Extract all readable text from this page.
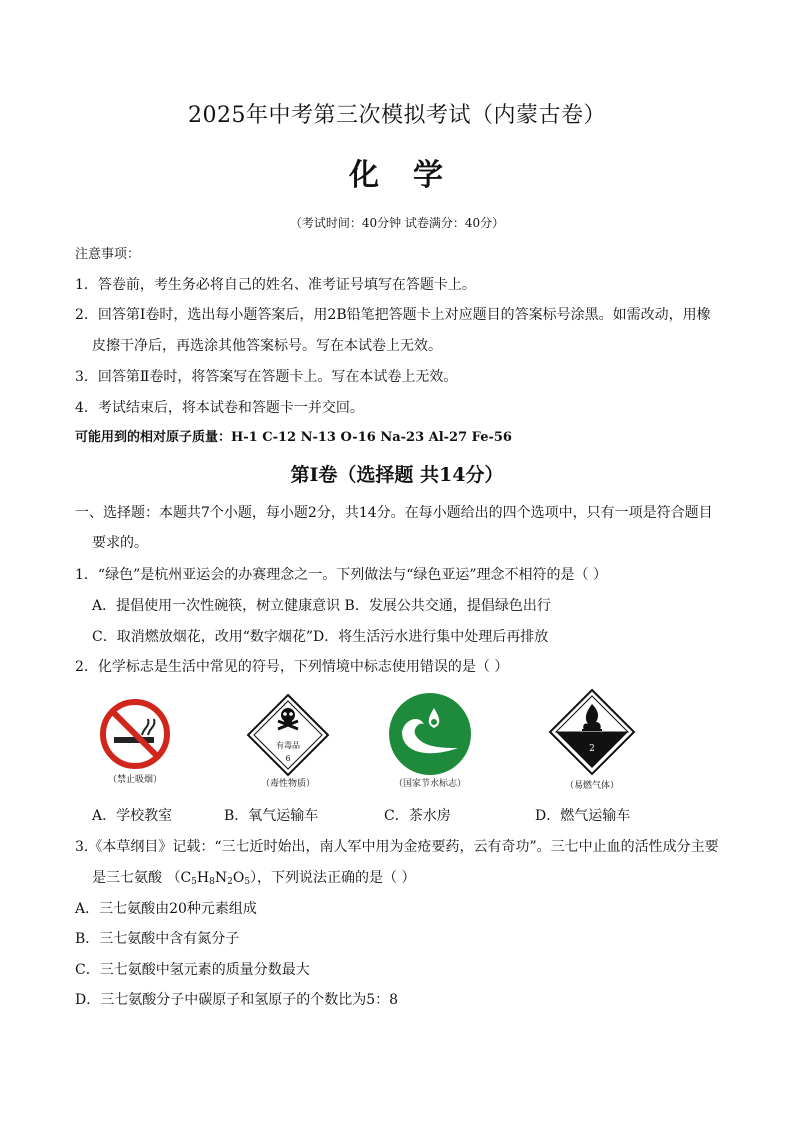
2025年中考第三次模拟考试（内蒙古卷）
化 学
（考试时间：40分钟 试卷满分：40分）
注意事项：
1．答卷前，考生务必将自己的姓名、准考证号填写在答题卡上。
2．回答第Ⅰ卷时，选出每小题答案后，用2B铅笔把答题卡上对应题目的答案标号涂黑。如需改动，用橡
皮擦干净后，再选涂其他答案标号。写在本试卷上无效。
3．回答第Ⅱ卷时，将答案写在答题卡上。写在本试卷上无效。
4．考试结束后，将本试卷和答题卡一并交回。
可能用到的相对原子质量：H-1 C-12 N-13 O-16 Na-23 Al-27 Fe-56
第Ⅰ卷（选择题 共14分）
一、选择题：本题共7个小题，每小题2分，共14分。在每小题给出的四个选项中，只有一项是符合题目
要求的。
1．“绿色”是杭州亚运会的办赛理念之一。下列做法与“绿色亚运”理念不相符的是（ ）
A．提倡使用一次性碗筷，树立健康意识 B．发展公共交通，提倡绿色出行
C．取消燃放烟花，改用“数字烟花”D．将生活污水进行集中处理后再排放
2．化学标志是生活中常见的符号，下列情境中标志使用错误的是（ ）
（禁止吸烟）
有毒品
6
（毒性物质）	（国家节水标志）
2
（易燃气体）
A．学校教室	B．氧气运输车	C．茶水房	D．燃气运输车
3.《本草纲目》记载：“三七近时始出，南人军中用为金疮要药，云有奇功”。三七中止血的活性成分主要
是三七氨酸 $(C_5H_8N_2O_5)$，下列说法正确的是（ ）
A．三七氨酸由20种元素组成
B．三七氨酸中含有氮分子
C．三七氨酸中氢元素的质量分数最大
D．三七氨酸分子中碳原子和氢原子的个数比为5：8
